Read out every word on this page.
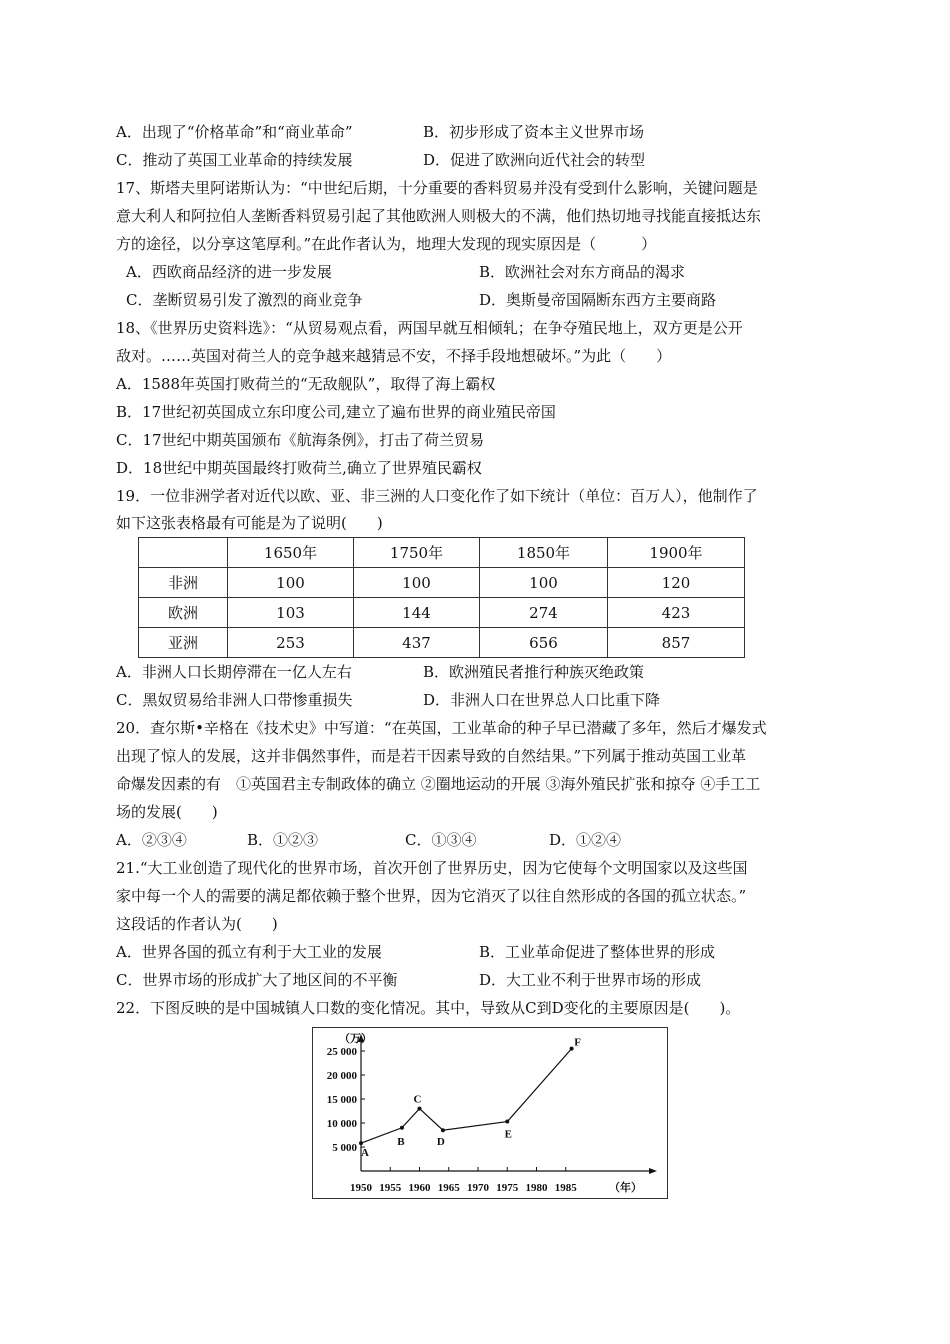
A．出现了“价格革命”和“商业革命”	B．初步形成了资本主义世界市场
C．推动了英国工业革命的持续发展	D．促进了欧洲向近代社会的转型
17、斯塔夫里阿诺斯认为：“中世纪后期，十分重要的香料贸易并没有受到什么影响，关键问题是
意大利人和阿拉伯人垄断香料贸易引起了其他欧洲人则极大的不满，他们热切地寻找能直接抵达东
方的途径，以分享这笔厚利。”在此作者认为，地理大发现的现实原因是（　　　）
A．西欧商品经济的进一步发展	B．欧洲社会对东方商品的渴求
C．垄断贸易引发了激烈的商业竞争	D．奥斯曼帝国隔断东西方主要商路
18、《世界历史资料选》：“从贸易观点看，两国早就互相倾轧；在争夺殖民地上，双方更是公开
敌对。……英国对荷兰人的竞争越来越猜忌不安，不择手段地想破坏。”为此（　　）
A．1588年英国打败荷兰的“无敌舰队”，取得了海上霸权
B．17世纪初英国成立东印度公司,建立了遍布世界的商业殖民帝国
C．17世纪中期英国颁布《航海条例》，打击了荷兰贸易
D．18世纪中期英国最终打败荷兰,确立了世界殖民霸权
19．一位非洲学者对近代以欧、亚、非三洲的人口变化作了如下统计（单位：百万人），他制作了
如下这张表格最有可能是为了说明(　　)
	1650年	1750年	1850年	1900年
非洲	100	100	100	120
欧洲	103	144	274	423
亚洲	253	437	656	857
A．非洲人口长期停滞在一亿人左右	B．欧洲殖民者推行种族灭绝政策
C．黑奴贸易给非洲人口带惨重损失	D．非洲人口在世界总人口比重下降
20．查尔斯•辛格在《技术史》中写道：“在英国，工业革命的种子早已潜藏了多年，然后才爆发式
出现了惊人的发展，这并非偶然事件，而是若干因素导致的自然结果。”下列属于推动英国工业革
命爆发因素的有　①英国君主专制政体的确立 ②圈地运动的开展 ③海外殖民扩张和掠夺 ④手工工
场的发展(　　)
A．②③④	B．①②③	C．①③④	D．①②④
21.“大工业创造了现代化的世界市场，首次开创了世界历史，因为它使每个文明国家以及这些国
家中每一个人的需要的满足都依赖于整个世界，因为它消灭了以往自然形成的各国的孤立状态。”
这段话的作者认为(　　)
A．世界各国的孤立有利于大工业的发展	B．工业革命促进了整体世界的形成
C．世界市场的形成扩大了地区间的不平衡	D．大工业不利于世界市场的形成
22．下图反映的是中国城镇人口数的变化情况。其中，导致从C到D变化的主要原因是(　　)。
（万）
（年）
1950 1955 1960 1965 1970 1975 1980 1985
5 000
10 000
15 000
20 000
25 000
A
B
C
D
E
F
